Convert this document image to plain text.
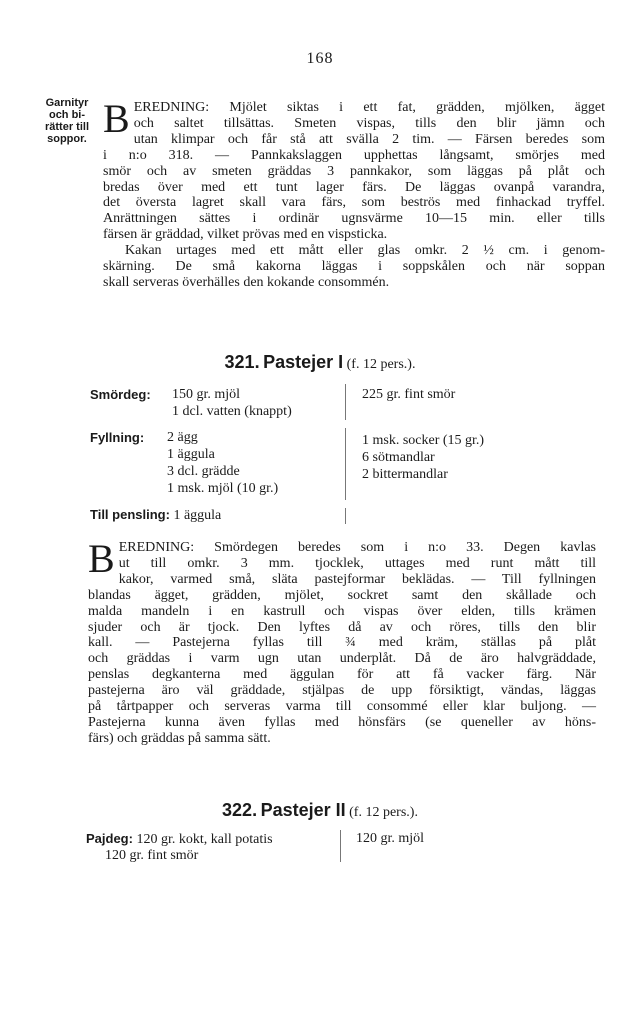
168
Garnityr
och bi-
rätter till
soppor. B EREDNING: Mjölet siktas i ett fat, grädden, mjölken, ägget
och saltet tillsättas. Smeten vispas, tills den blir jämn och
utan klimpar och får stå att svälla 2 tim. — Färsen beredes som
i n:o 318. — Pannkakslaggen upphettas långsamt, smörjes med
smör och av smeten gräddas 3 pannkakor, som läggas på plåt och
bredas över med ett tunt lager färs. De läggas ovanpå varandra,
det översta lagret skall vara färs, som beströs med finhackad tryffel.
Anrättningen sättes i ordinär ugnsvärme 10—15 min. eller tills
färsen är gräddad, vilket prövas med en vispsticka.
Kakan urtages med ett mått eller glas omkr. 2 ½ cm. i genom-
skärning. De små kakorna läggas i soppskålen och när soppan
skall serveras överhälles den kokande consommén.
321. Pastejer I (f. 12 pers.).
Smördeg: 150 gr. mjöl
1 dcl. vatten (knappt)
225 gr. fint smör
Fyllning: 2 ägg
1 äggula
3 dcl. grädde
1 msk. mjöl (10 gr.)
1 msk. socker (15 gr.)
6 sötmandlar
2 bittermandlar
Till pensling: 1 äggula
B EREDNING: Smördegen beredes som i n:o 33. Degen kavlas
ut till omkr. 3 mm. tjocklek, uttages med runt mått till
kakor, varmed små, släta pastejformar beklädas. — Till fyllningen
blandas ägget, grädden, mjölet, sockret samt den skållade och
malda mandeln i en kastrull och vispas över elden, tills krämen
sjuder och är tjock. Den lyftes då av och röres, tills den blir
kall. — Pastejerna fyllas till ¾ med kräm, ställas på plåt
och gräddas i varm ugn utan underplåt. Då de äro halvgräddade,
penslas degkanterna med äggulan för att få vacker färg. När
pastejerna äro väl gräddade, stjälpas de upp försiktigt, vändas, läggas
på tårtpapper och serveras varma till consommé eller klar buljong. —
Pastejerna kunna även fyllas med hönsfärs (se queneller av höns-
färs) och gräddas på samma sätt.
322. Pastejer II (f. 12 pers.).
Pajdeg: 120 gr. kokt, kall potatis
120 gr. fint smör
120 gr. mjöl
